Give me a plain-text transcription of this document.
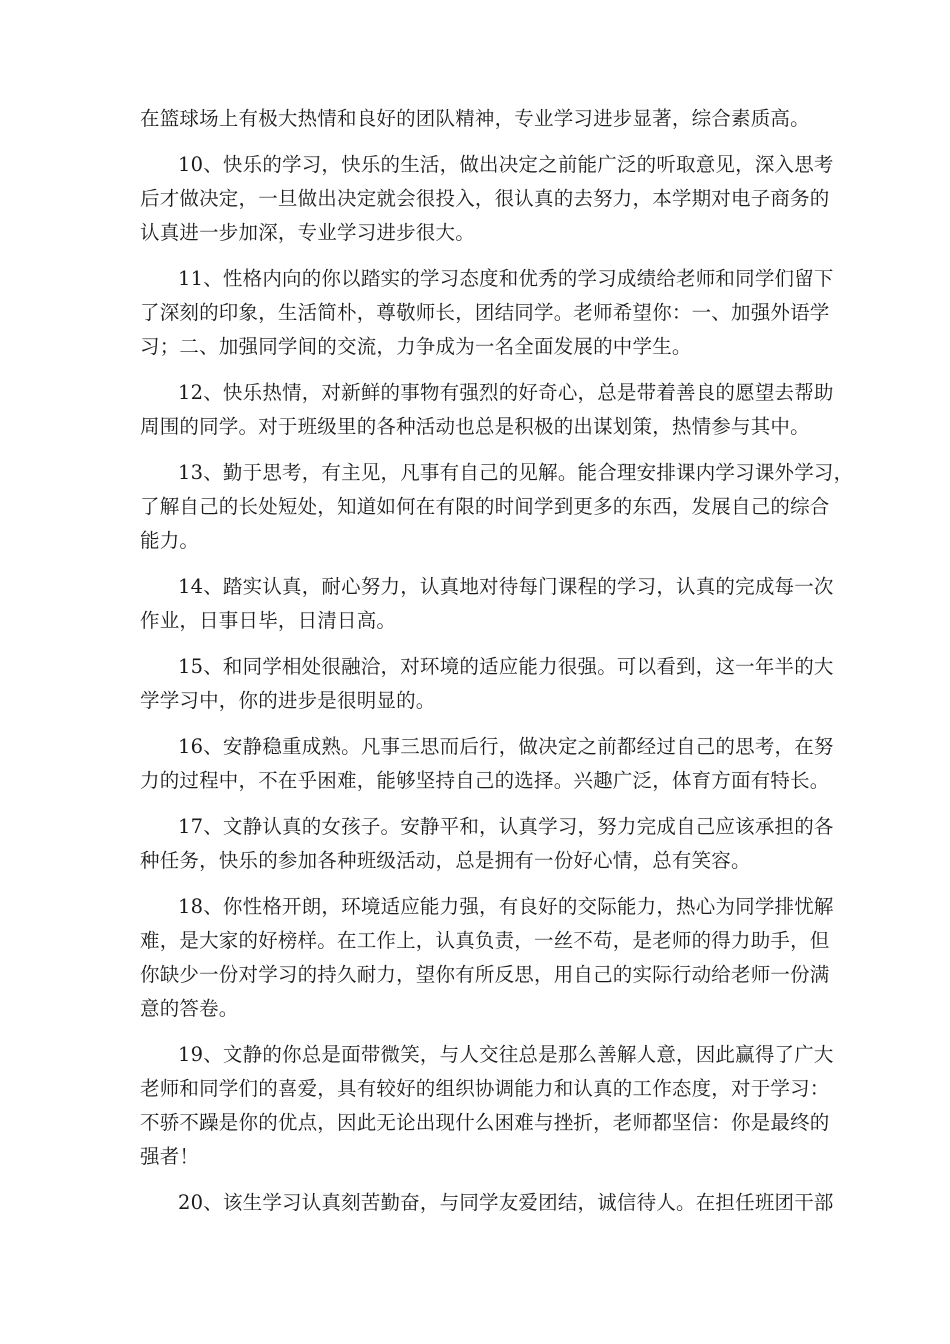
在篮球场上有极大热情和良好的团队精神，专业学习进步显著，综合素质高。
10、快乐的学习，快乐的生活，做出决定之前能广泛的听取意见，深入思考
后才做决定，一旦做出决定就会很投入，很认真的去努力，本学期对电子商务的
认真进一步加深，专业学习进步很大。
11、性格内向的你以踏实的学习态度和优秀的学习成绩给老师和同学们留下
了深刻的印象，生活简朴，尊敬师长，团结同学。老师希望你：一、加强外语学
习；二、加强同学间的交流，力争成为一名全面发展的中学生。
12、快乐热情，对新鲜的事物有强烈的好奇心，总是带着善良的愿望去帮助
周围的同学。对于班级里的各种活动也总是积极的出谋划策，热情参与其中。
13、勤于思考，有主见，凡事有自己的见解。能合理安排课内学习课外学习，
了解自己的长处短处，知道如何在有限的时间学到更多的东西，发展自己的综合
能力。
14、踏实认真，耐心努力，认真地对待每门课程的学习，认真的完成每一次
作业，日事日毕，日清日高。
15、和同学相处很融洽，对环境的适应能力很强。可以看到，这一年半的大
学学习中，你的进步是很明显的。
16、安静稳重成熟。凡事三思而后行，做决定之前都经过自己的思考，在努
力的过程中，不在乎困难，能够坚持自己的选择。兴趣广泛，体育方面有特长。
17、文静认真的女孩子。安静平和，认真学习，努力完成自己应该承担的各
种任务，快乐的参加各种班级活动，总是拥有一份好心情，总有笑容。
18、你性格开朗，环境适应能力强，有良好的交际能力，热心为同学排忧解
难，是大家的好榜样。在工作上，认真负责，一丝不苟，是老师的得力助手，但
你缺少一份对学习的持久耐力，望你有所反思，用自己的实际行动给老师一份满
意的答卷。
19、文静的你总是面带微笑，与人交往总是那么善解人意，因此赢得了广大
老师和同学们的喜爱，具有较好的组织协调能力和认真的工作态度，对于学习：
不骄不躁是你的优点，因此无论出现什么困难与挫折，老师都坚信：你是最终的
强者！
20、该生学习认真刻苦勤奋，与同学友爱团结，诚信待人。在担任班团干部
